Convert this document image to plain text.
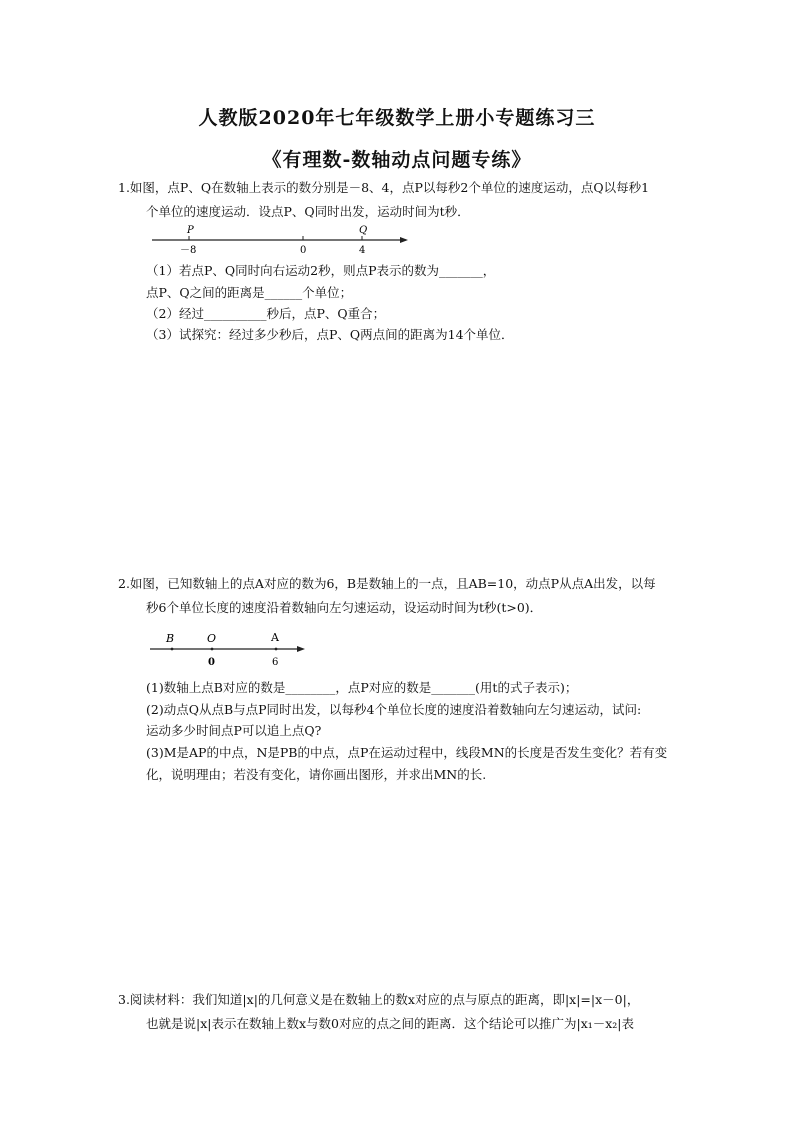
人教版2020年七年级数学上册小专题练习三
《有理数-数轴动点问题专练》
1.如图，点P、Q在数轴上表示的数分别是－8、4，点P以每秒2个单位的速度运动，点Q以每秒1
个单位的速度运动．设点P、Q同时出发，运动时间为t秒．
P	Q
－8	0	4
（1）若点P、Q同时向右运动2秒，则点P表示的数为_______，
点P、Q之间的距离是______个单位；
（2）经过__________秒后，点P、Q重合；
（3）试探究：经过多少秒后，点P、Q两点间的距离为14个单位．
2.如图，已知数轴上的点A对应的数为6，B是数轴上的一点，且AB=10，动点P从点A出发，以每
秒6个单位长度的速度沿着数轴向左匀速运动，设运动时间为t秒(t>0)．
B	O	A
0	6
(1)数轴上点B对应的数是________，点P对应的数是_______(用t的式子表示)；
(2)动点Q从点B与点P同时出发，以每秒4个单位长度的速度沿着数轴向左匀速运动，试问:
运动多少时间点P可以追上点Q?
(3)M是AP的中点，N是PB的中点，点P在运动过程中，线段MN的长度是否发生变化？若有变
化，说明理由；若没有变化，请你画出图形，并求出MN的长.
3.阅读材料：我们知道|x|的几何意义是在数轴上的数x对应的点与原点的距离，即|x|=|x－0|，
也就是说|x|表示在数轴上数x与数0对应的点之间的距离．这个结论可以推广为|x₁－x₂|表
